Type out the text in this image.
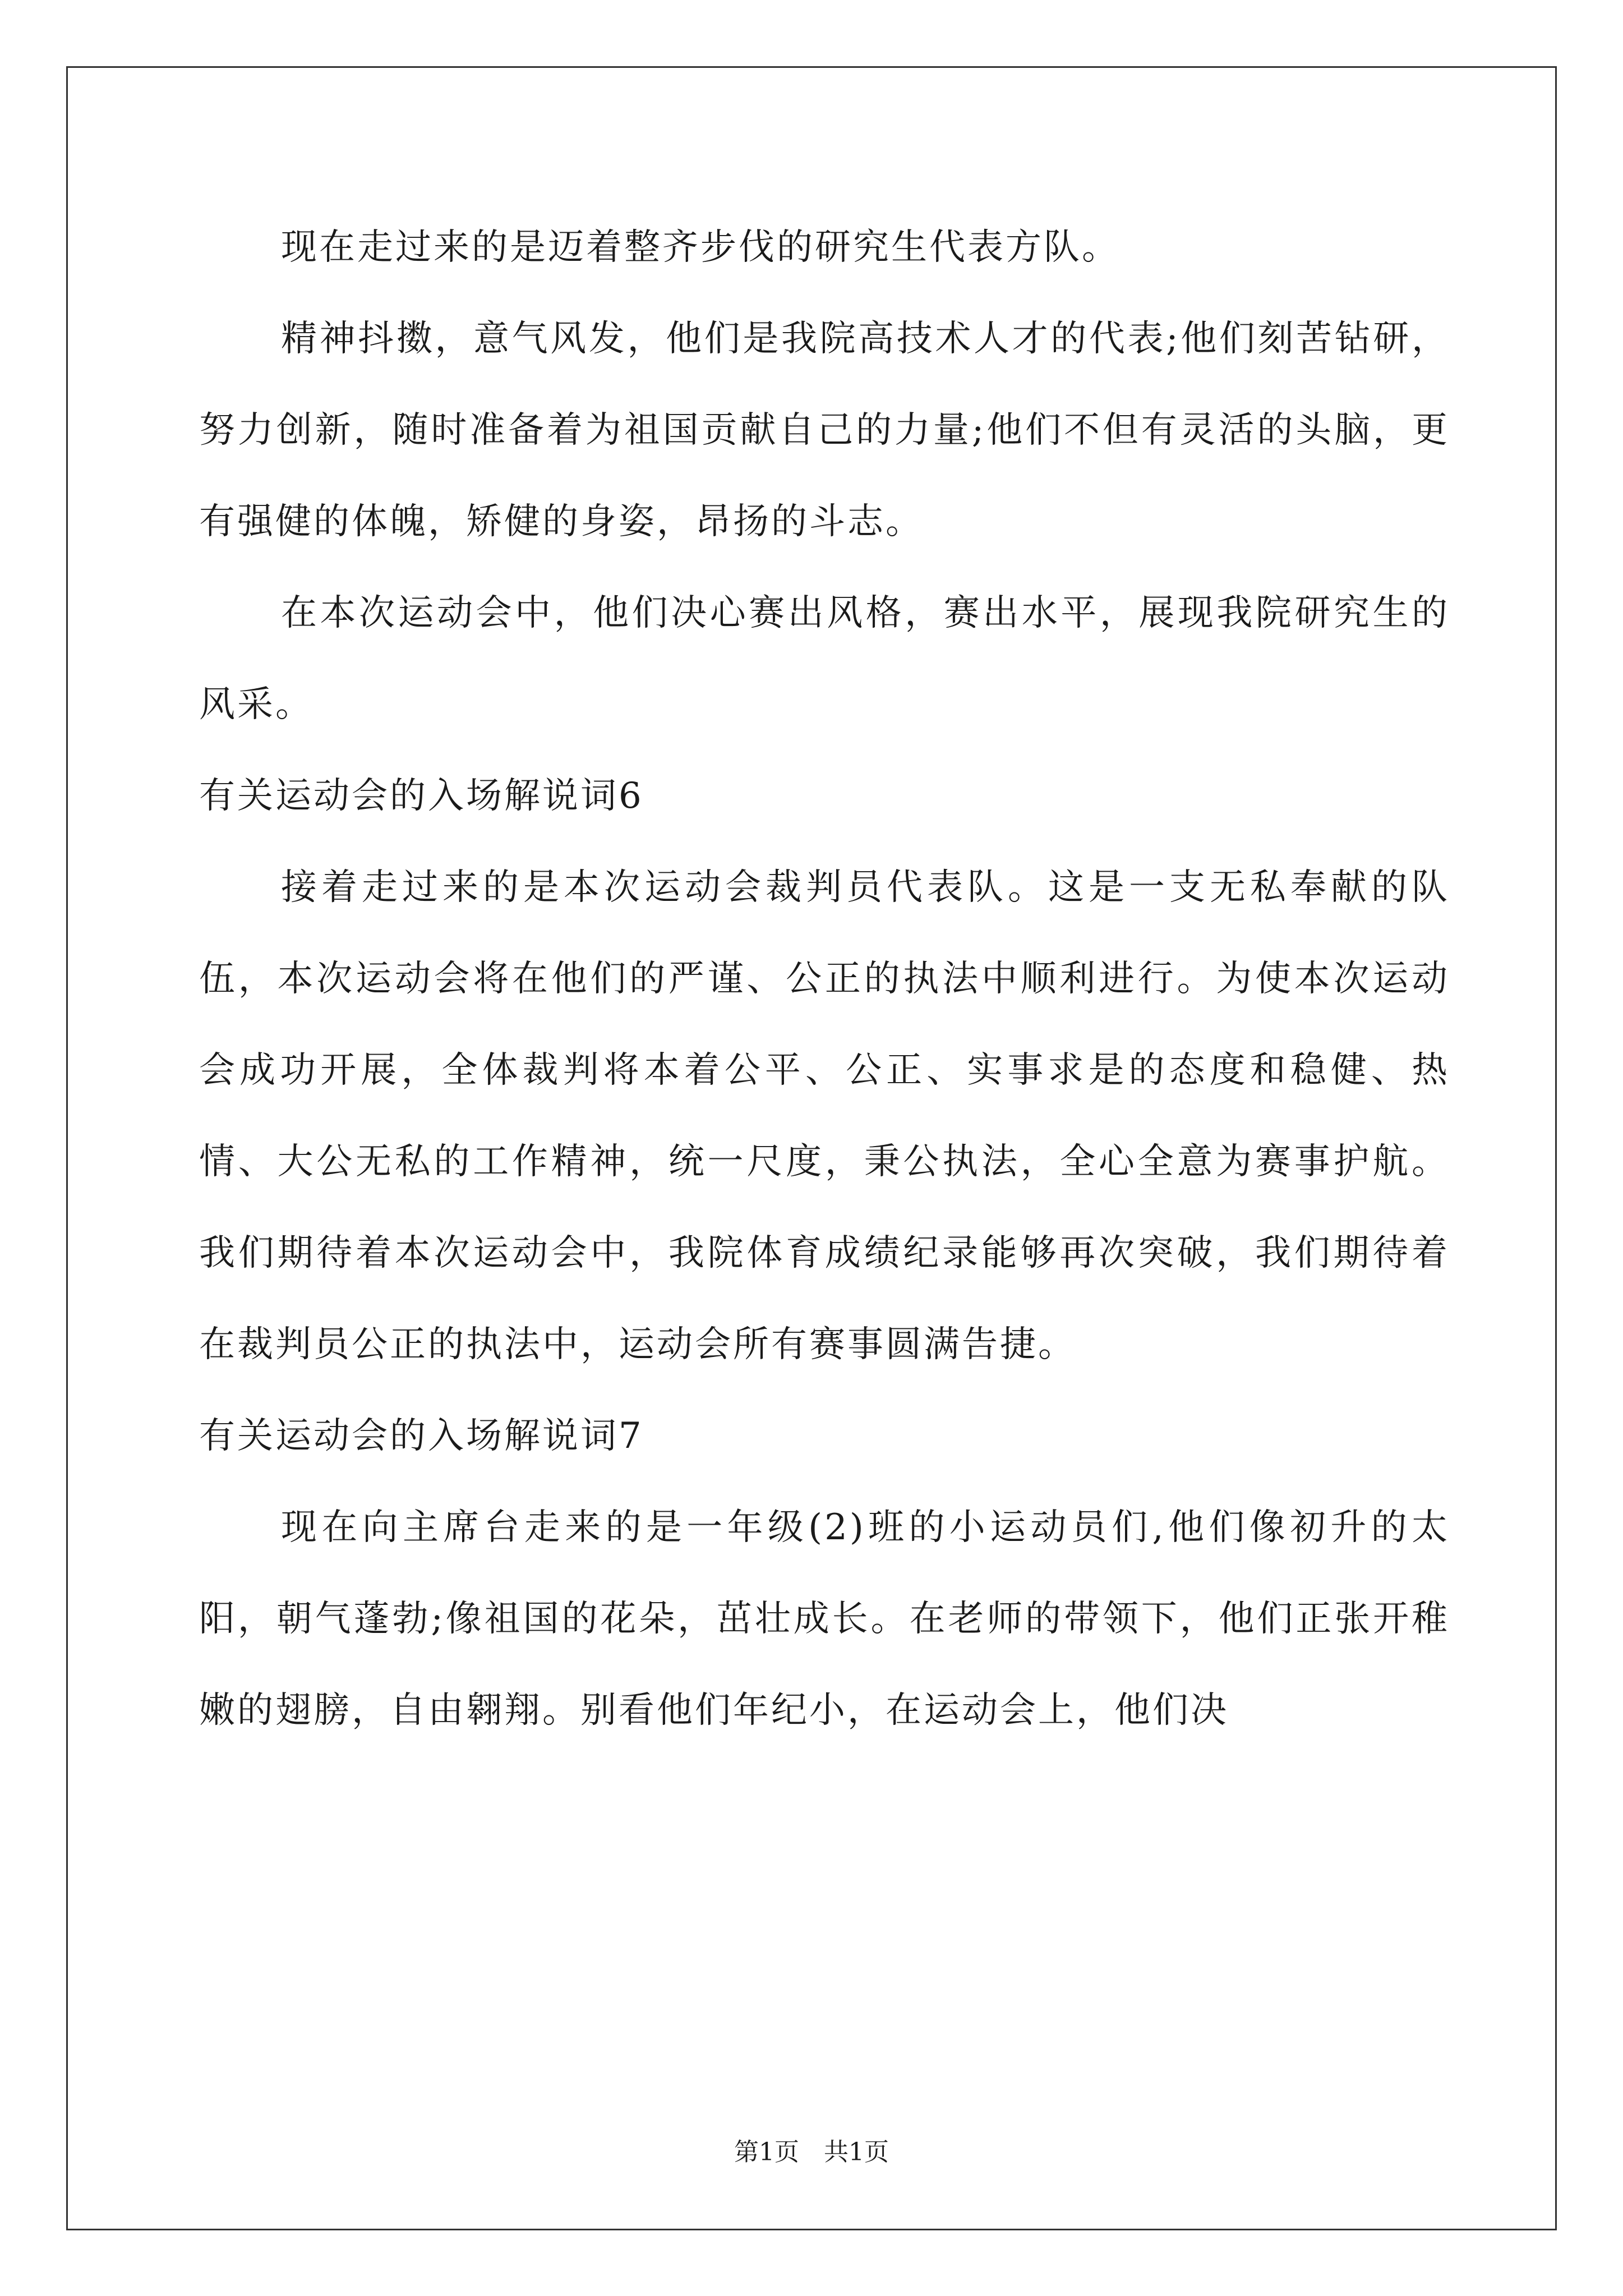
现在走过来的是迈着整齐步伐的研究生代表方队。

精神抖擞，意气风发，他们是我院高技术人才的代表;他们刻苦钻研，努力创新，随时准备着为祖国贡献自己的力量;他们不但有灵活的头脑，更有强健的体魄，矫健的身姿，昂扬的斗志。

在本次运动会中，他们决心赛出风格，赛出水平，展现我院研究生的风采。

有关运动会的入场解说词6

接着走过来的是本次运动会裁判员代表队。这是一支无私奉献的队伍，本次运动会将在他们的严谨、公正的执法中顺利进行。为使本次运动会成功开展，全体裁判将本着公平、公正、实事求是的态度和稳健、热情、大公无私的工作精神，统一尺度，秉公执法，全心全意为赛事护航。我们期待着本次运动会中，我院体育成绩纪录能够再次突破，我们期待着在裁判员公正的执法中，运动会所有赛事圆满告捷。

有关运动会的入场解说词7

现在向主席台走来的是一年级(2)班的小运动员们,他们像初升的太阳，朝气蓬勃;像祖国的花朵，茁壮成长。在老师的带领下，他们正张开稚嫩的翅膀，自由翱翔。别看他们年纪小，在运动会上，他们决

第1页 共1页
